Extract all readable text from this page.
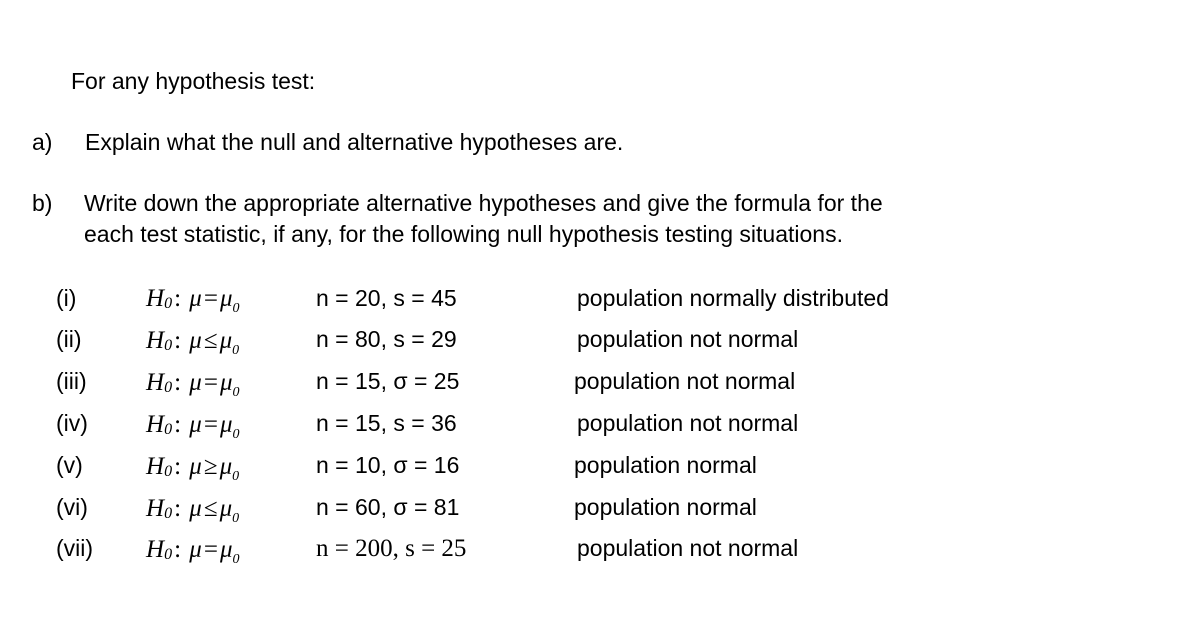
For any hypothesis test:
a) Explain what the null and alternative hypotheses are.
b) Write down the appropriate alternative hypotheses and give the formula for the
each test statistic, if any, for the following null hypothesis testing situations.
(i)	H0: $\mu=\mu_0$	n = 20, s = 45	population normally distributed
(ii)	H0: $\mu\le\mu_0$	n = 80, s = 29	population not normal
(iii) H0: $\mu=\mu_0$	n = 15, σ = 25	population not normal
(iv) H0: $\mu=\mu_0$	n = 15, s = 36	population not normal
(v)	H0: $\mu\ge\mu_0$	n = 10, σ = 16	population normal
(vi) H0: $\mu\le\mu_0$	n = 60, σ = 81	population normal
(vii) H0: $\mu=\mu_0$	n = 200, s = 25	population not normal
